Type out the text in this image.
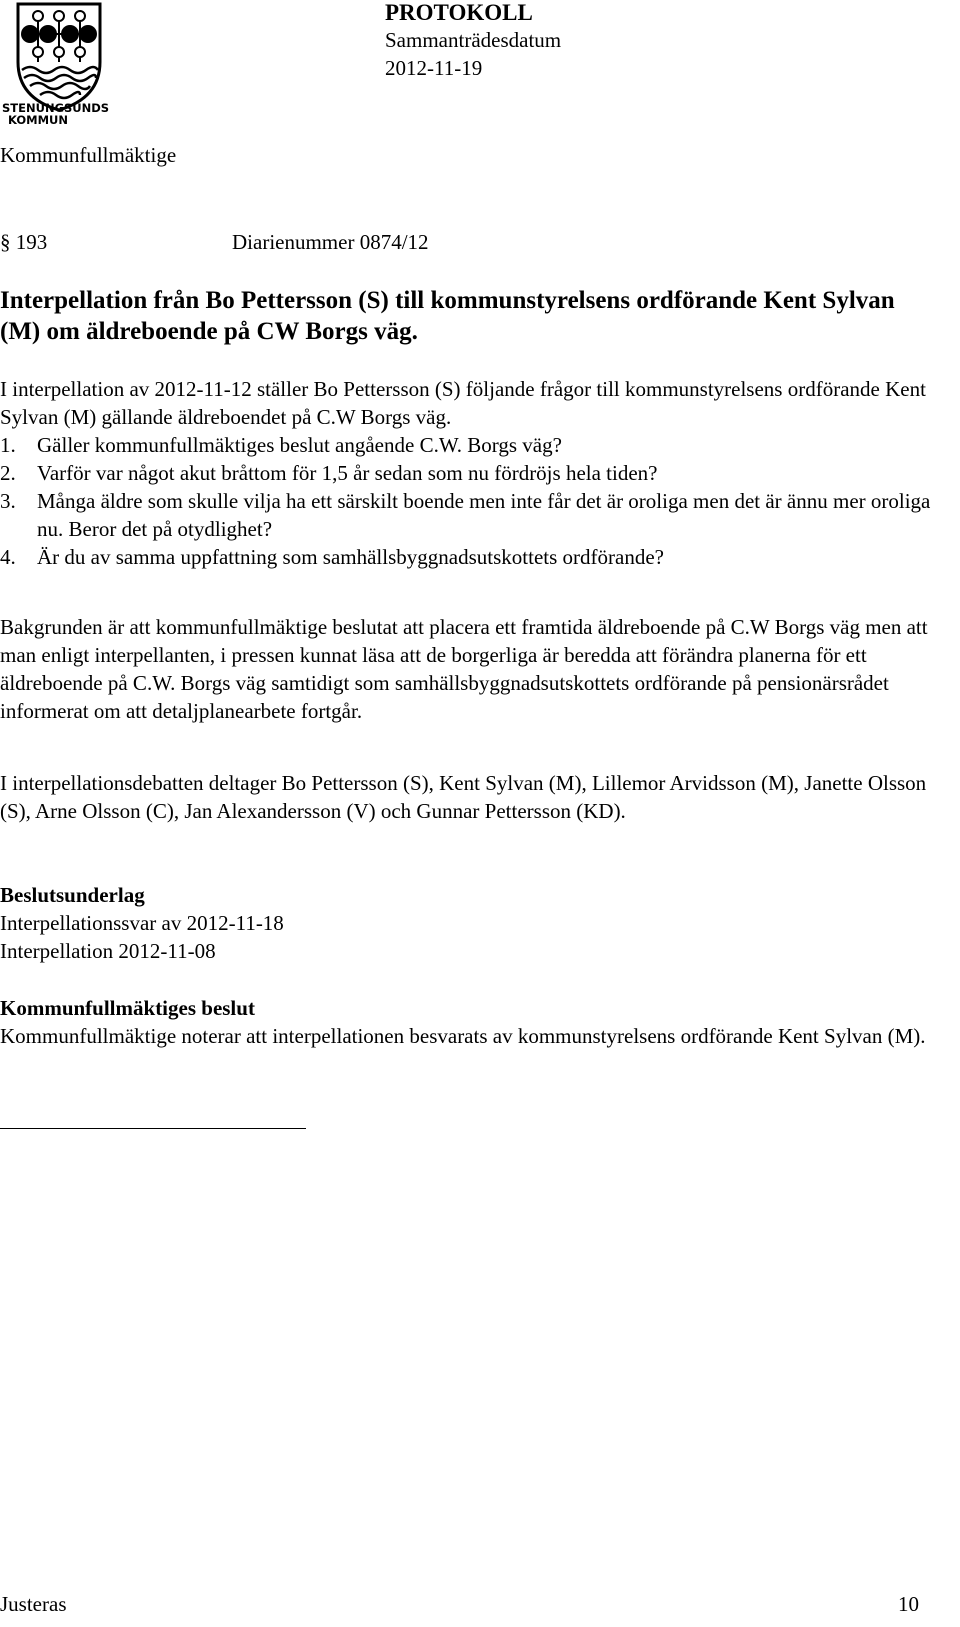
STENUNGSUNDS
KOMMUN
PROTOKOLL
Sammanträdesdatum
2012-11-19
Kommunfullmäktige
§ 193	Diarienummer 0874/12
Interpellation från Bo Pettersson (S) till kommunstyrelsens ordförande Kent Sylvan (M) om äldreboende på CW Borgs väg.
I interpellation av 2012-11-12 ställer Bo Pettersson (S) följande frågor till kommunstyrelsens ordförande Kent Sylvan (M) gällande äldreboendet på C.W Borgs väg.
1. Gäller kommunfullmäktiges beslut angående C.W. Borgs väg?
2. Varför var något akut bråttom för 1,5 år sedan som nu fördröjs hela tiden?
3. Många äldre som skulle vilja ha ett särskilt boende men inte får det är oroliga men det är ännu mer oroliga nu. Beror det på otydlighet?
4. Är du av samma uppfattning som samhällsbyggnadsutskottets ordförande?
Bakgrunden är att kommunfullmäktige beslutat att placera ett framtida äldreboende på C.W Borgs väg men att man enligt interpellanten, i pressen kunnat läsa att de borgerliga är beredda att förändra planerna för ett äldreboende på C.W. Borgs väg samtidigt som samhällsbyggnadsutskottets ordförande på pensionärsrådet informerat om att detaljplanearbete fortgår.
I interpellationsdebatten deltager Bo Pettersson (S), Kent Sylvan (M), Lillemor Arvidsson (M), Janette Olsson (S), Arne Olsson (C), Jan Alexandersson (V) och Gunnar Pettersson (KD).
Beslutsunderlag
Interpellationssvar av 2012-11-18
Interpellation 2012-11-08
Kommunfullmäktiges beslut
Kommunfullmäktige noterar att interpellationen besvarats av kommunstyrelsens ordförande Kent Sylvan (M).
Justeras	10
